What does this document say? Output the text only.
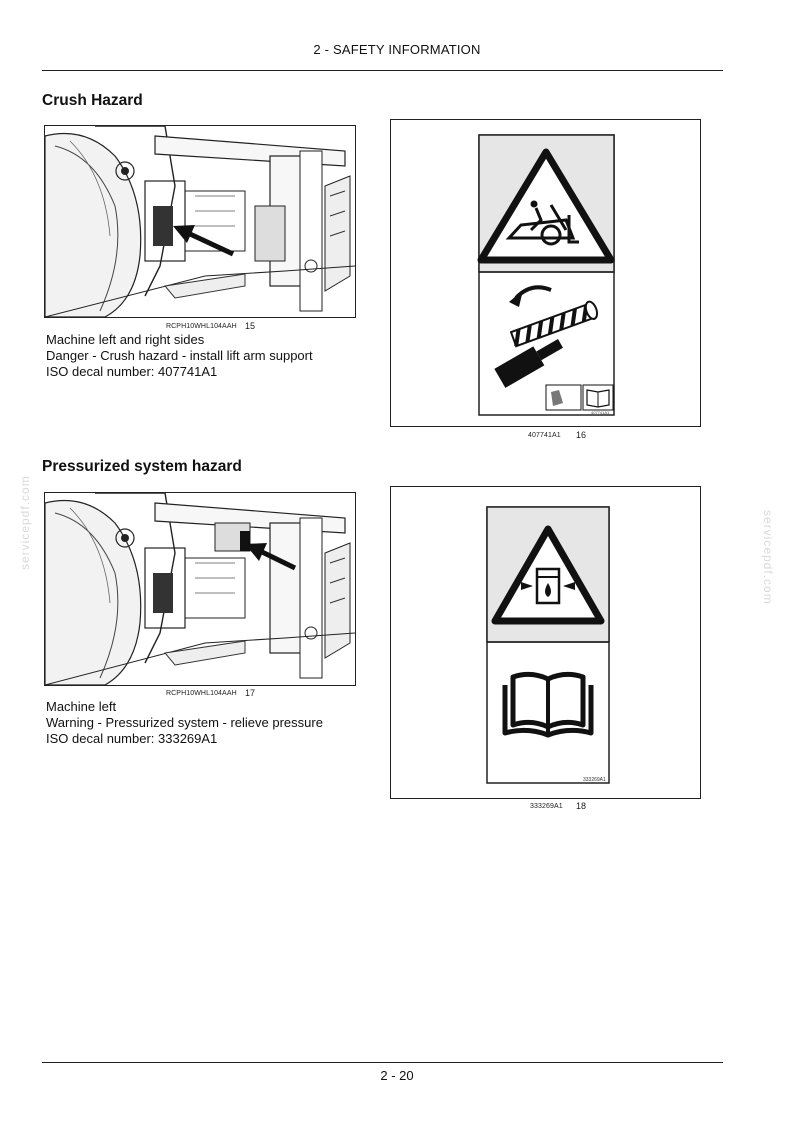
2 - SAFETY INFORMATION
Crush Hazard
RCPH10WHL104AAH 15
Machine left and right sides
Danger - Crush hazard - install lift arm support
ISO decal number: 407741A1
407741A1
407741A1 16
Pressurized system hazard
RCPH10WHL104AAH 17
Machine left
Warning - Pressurized system - relieve pressure
ISO decal number: 333269A1
333269A1
333269A1 18
servicepdf.com	servicepdf.com
2 - 20
